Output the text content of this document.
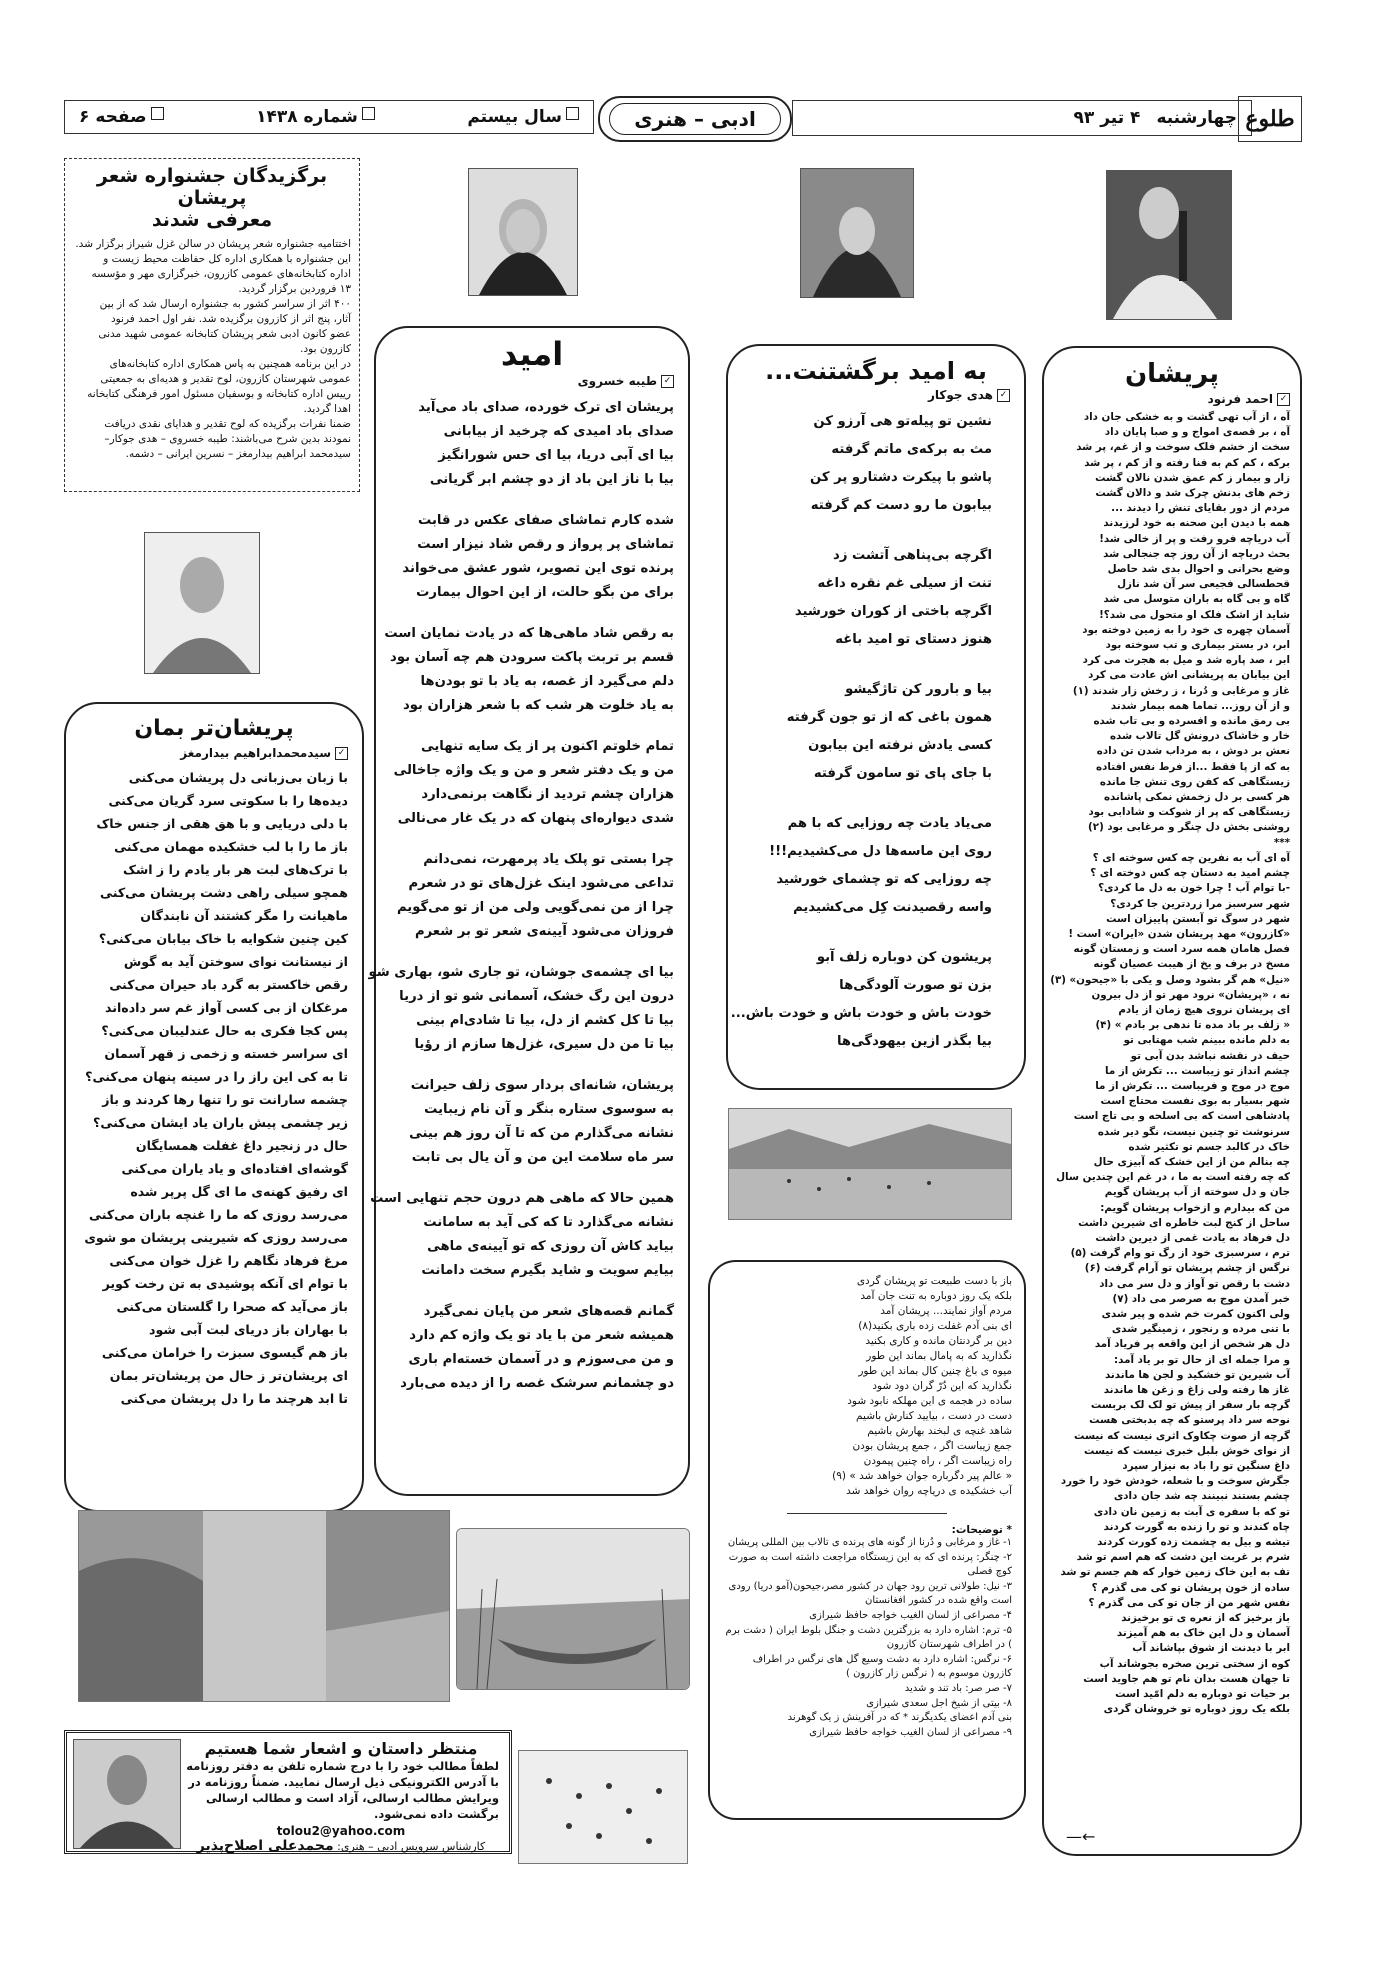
چهارشنبه
۴ تیر ۹۳	طلوع
ادبی – هنری
سال بیستم
شماره ۱۴۳۸
صفحه ۶
برگزیدگان جشنواره شعر پریشان
معرفی شدند
اختتامیه جشنواره شعر پریشان در سالن غزل شیراز برگزار شد.
این جشنواره با همکاری اداره کل حفاظت محیط زیست و
اداره کتابخانه‌های عمومی کازرون، خبرگزاری مهر و مؤسسه
۱۳ فروردین برگزار گردید.
۴۰۰ اثر از سراسر کشور به جشنواره ارسال شد که از بین
آثار، پنج اثر از کازرون برگزیده شد. نفر اول احمد فرنود
عضو کانون ادبی شعر پریشان کتابخانه عمومی شهید مدنی
کازرون بود.
در این برنامه همچنین به پاس همکاری اداره کتابخانه‌های
عمومی شهرستان کازرون، لوح تقدیر و هدیه‌ای به جمعیتی
رییس اداره کتابخانه و بوسفیان مسئول امور فرهنگی کتابخانه
اهدا گردید.
ضمنا نفرات برگزیده که لوح تقدیر و هدایای نقدی دریافت
نمودند بدین شرح می‌باشند: طیبه خسروی – هدی جوکار–
سیدمحمد ابراهیم بیدارمغز – نسرین ایرانی – دشمه.
امید
✓
طیبه خسروی
پریشان ای ترک خورده، صدای باد می‌آید
صدای باد امیدی که چرخید از بیابانی
بیا ای آبی دریا، بیا ای حس شورانگیز
بیا با ناز این باد از دو چشم ابر گریانی
شده کارم تماشای صفای عکس در قابت
تماشای پر پرواز و رقص شاد نیزار است
پرنده توی این تصویر، شور عشق می‌خواند
برای من بگو حالت، از این احوال بیمارت
به رقص شاد ماهی‌ها که در یادت نمایان است
قسم بر تربت پاکت سرودن هم چه آسان بود
دلم می‌گیرد از غصه، به یاد با تو بودن‌ها
به یاد خلوت هر شب که با شعر هزاران بود
تمام خلوتم اکنون پر از یک سایه تنهایی
من و یک دفتر شعر و من و یک واژه جاخالی
هزاران چشم تردید از نگاهت برنمی‌دارد
شدی دیواره‌ای پنهان که در یک غار می‌نالی
چرا بستی تو پلک یاد پرمهرت، نمی‌دانم
تداعی می‌شود اینک غزل‌های تو در شعرم
چرا از من نمی‌گویی ولی من از تو می‌گویم
فروزان می‌شود آیینه‌ی شعر تو بر شعرم
بیا ای چشمه‌ی جوشان، تو جاری شو، بهاری شو
درون این رگ خشک، آسمانی شو تو از دریا
بیا تا کل کشم از دل، بیا تا شادی‌ام بینی
بیا تا من دل سیری، غزل‌ها سازم از رؤیا
پریشان، شانه‌ای بردار سوی زلف حیرانت
به سوسوی ستاره بنگر و آن نام زیبایت
نشانه می‌گذارم من که تا آن روز هم بینی
سر ماه سلامت این من و آن یال بی تابت
همین حالا که ماهی هم درون حجم تنهایی است
نشانه می‌گذارد تا که کی آید به سامانت
بیاید کاش آن روزی که تو آیینه‌ی ماهی
بیایم سویت و شاید بگیرم سخت دامانت
گمانم قصه‌های شعر من پایان نمی‌گیرد
همیشه شعر من با یاد تو یک واژه کم دارد
و من می‌سوزم و در آسمان خسته‌ام باری
دو چشمانم سرشک غصه را از دیده می‌بارد
به امید برگشتنت...
✓
هدی جوکار
نشین تو پیله‌تو هی آرزو کن
مث به برکه‌ی ماتم گرفته
پاشو با پیکرت دشتارو پر کن
بیابون ما رو دست کم گرفته
اگرچه بی‌پناهی آتشت زد
تنت از سیلی غم نقره داغه
اگرچه باختی از کوران خورشید
هنوز دستای تو امید باغه
بیا و بارور کن تاژگیشو
همون باغی که از تو جون گرفته
کسی یادش نرفته این بیابون
با جای پای تو سامون گرفته
می‌یاد یادت چه روزایی که با هم
روی این ماسه‌ها دل می‌کشیدیم!!!
چه روزایی که تو چشمای خورشید
واسه رقصیدنت کِل می‌کشیدیم
پریشون کن دوباره زلف آبو
بزن تو صورت آلودگی‌ها
خودت باش و خودت باش و خودت باش...
بیا بگذر ازین بیهودگی‌ها
پریشان
✓
احمد فرنود
آه ، از آب تهی گشت و به خشکی جان داد
آه ، بر قصه‌ی امواج و و صبا پایان داد
سخت از خشم فلک سوخت و از غم، پر شد
برکه ، کم کم به فنا رفته و از کم ، پر شد
زار و بیمار ز کم عمق شدن نالان گشت
زخم های بدنش چرک شد و دالان گشت
مردم از دور بقایای تنش را دیدند ...
همه با دیدن این صحنه به خود لرزیدند
آب دریاچه فرو رفت و پر از خالی شد!
بحث دریاچه از آن روز چه جنجالی شد
وضع بحرانی و احوال بدی شد حاصل
قحطسالی فجیعی سر آن شد نازل
گاه و بی گاه به باران متوسل می شد
شاید از اشک فلک او متحول می شد؟!
آسمان چهره ی خود را به زمین دوخته بود
ابر، در بستر بیماری و تب سوخته بود
ابر ، صد پاره شد و میل به هجرت می کرد
این بیابان به پریشانی اش عادت می کرد
غاز و مرغابی و دُرنا ، ز رخش زار شدند (۱)
و از آن روز... تماما همه بیمار شدند
بی رمق مانده و افسرده و بی تاب شده
خار و خاشاک درونش گل تالاب شده
نعش بر دوش ، به مرداب شدن تن داده
به که از پا فقط ...از فرط نفس افتاده
زیستگاهی که کفن روی تنش جا مانده
هر کسی بر دل زخمش نمکی پاشانده
زیستگاهی که پر از شوکت و شادابی بود
روشنی بخش دل چنگر و مرغابی بود (۲)
***
آه ای آب به نفرین چه کس سوخته ای ؟
چشم امید به دستان چه کس دوخته ای ؟
-با توام آب ! چرا خون به دل ما کردی؟
شهر سرسبز مرا زردترین جا کردی؟
شهر در سوگ تو آبستن پاییزان است
«کازرون» مهد پریشان شدن «ایران» است !
فصل هامان همه سرد است و زمستان گونه
مسخ در برف و یخ از هیبت عصیان گونه
«نیل» هم گر بشود وصل و یکی با «جیحون» (۳)
نه ، «پریشان» نرود مهر تو از دل بیرون
ای پریشان نروی هیچ زمان از یادم
« زلف بر باد مده تا ندهی بر بادم » (۴)
به دلم مانده ببینم شب مهتابی تو
حیف در نقشه نباشد بدن آبی تو
چشم انداز تو زیباست ... تکرش از ما
موج در موج و فریباست ... تکرش از ما
شهر بسیار به بوی نفست محتاج است
پادشاهی است که بی اسلحه و بی تاج است
سرنوشت تو چنین نیست، نگو دیر شده
خاک در کالبد جسم تو تکثیر شده
چه بنالم من از این خشک که آبیزی حال
که چه رفته است به ما ، در غم این چندین سال
جان و دل سوخته از آب پریشان گویم
من که بیدارم و ازخواب پریشان گویم:
ساحل از کنج لبت خاطره ای شیرین داشت
دل فرهاد به یادت غمی از دیرین داشت
ترم ، سرسبزی خود از رگ تو وام گرفت (۵)
نرگس از چشم پریشان تو آرام گرفت (۶)
دشت با رقص تو آواز و دل سر می داد
خبر آمدن موج به صرصر می داد (۷)
ولی اکنون کمرت خم شده و پیر شدی
با تنی مرده و رنجور ، زمینگیر شدی
دل هر شخص از این واقعه پر فریاد آمد
و مرا جمله ای از حال تو بر یاد آمد:
آب شیرین تو خشکید و لجن ها ماندند
غاز ها رفته ولی زاغ و زغن ها ماندند
گرچه بار سفر از پیش تو لک لک بربست
نوحه سر داد پرستو که چه بدبختی هست
گرچه از صوت چکاوک اثری نیست که نیست
از نوای خوش بلبل خبری نیست که نیست
داغ سنگین تو را باد به نیزار سپرد
جگرش سوخت و با شعله، خودش خود را خورد
چشم بستند نبینند چه شد جان دادی
تو که با سفره ی آبت به زمین نان دادی
چاه کندند و تو را زنده به گورت کردند
تیشه و بیل به چشمت زده کورت کردند
شرم بر غربت این دشت که هم اسم تو شد
تف به این خاک زمین خوار که هم جسم تو شد
ساده از خون پریشان تو کی می گذرم ؟
نفس شهر من از جان تو کی می گذرم ؟
باز برخیز که از نعره ی تو برخیزند
آسمان و دل این خاک به هم آمیزند
ابر با دیدنت از شوق بپاشاند آب
کوه از سختی ترین صخره بجوشاند آب
تا جهان هست بدان نام تو هم جاوید است
بر حیات تو دوباره به دلم امّید است
بلکه یک روز دوباره تو خروشان گردی
←—
پریشان‌تر بمان
✓
سیدمحمدابراهیم بیدارمغز
با زبان بی‌زبانی دل پریشان می‌کنی
دیده‌ها را با سکوتی سرد گریان می‌کنی
با دلی دریایی و با هق هقی از جنس خاک
باز ما را با لب خشکیده مهمان می‌کنی
با ترک‌های لبت هر بار یادم را ز اشک
همچو سیلی راهی دشت پریشان می‌کنی
ماهیانت را مگر کشتند آن نابندگان
کین چنین شکوایه با خاک بیابان می‌کنی؟
از نیستانت نوای سوختن آید به گوش
رقص خاکستر به گرد باد حیران می‌کنی
مرغکان از بی کسی آواز غم سر داده‌اند
پس کجا فکری به حال عندلیبان می‌کنی؟
ای سراسر خسته و زخمی ز قهر آسمان
تا به کی این راز را در سینه پنهان می‌کنی؟
چشمه سارانت تو را تنها رها کردند و باز
زیر چشمی پیش باران یاد ایشان می‌کنی؟
حال در زنجیر داغ غفلت همسایگان
گوشه‌ای افتاده‌ای و یاد یاران می‌کنی
ای رفیق کهنه‌ی ما ای گل پرپر شده
می‌رسد روزی که ما را غنچه باران می‌کنی
می‌رسد روزی که شیرینی پریشان مو شوی
مرغ فرهاد نگاهم را غزل خوان می‌کنی
با توام ای آنکه پوشیدی به تن رخت کویر
باز می‌آید که صحرا را گلستان می‌کنی
با بهاران باز دریای لبت آبی شود
باز هم گیسوی سبزت را خرامان می‌کنی
ای پریشان‌تر ز حال من پریشان‌تر بمان
تا ابد هرچند ما را دل پریشان می‌کنی
باز با دست طبیعت تو پریشان گردی
بلکه یک روز دوباره به تنت جان آمد
مردم آواز نمایند... پریشان آمد
ای بنی آدم غفلت زده باری بکنید(۸)
دین بر گردنتان مانده و کاری بکنید
نگذارید که به پامال بماند این طور
میوه ی باغ چنین کال بماند این طور
نگذارید که این دُرّ گران دود شود
ساده در هجمه ی این مهلکه نابود شود
دست در دست ، بیایید کنارش باشیم
شاهد غنچه ی لبخند بهارش باشیم
جمع زیباست اگر ، جمع پریشان بودن
راه زیباست اگر ، راه چنین پیمودن
« عالم پیر دگرباره جوان خواهد شد » (۹)
آب خشکیده ی دریاچه روان خواهد شد
* توضیحات:
۱- غاز و مرغابی و دُرنا از گونه های پرنده ی تالاب بین المللی پریشان
۲- چنگر: پرنده ای که به این زیستگاه مراجعت داشته است به صورت کوچ فصلی
۳- نیل: طولانی ترین رود جهان در کشور مصر،جیحون(آمو دریا) رودی است واقع شده در کشور افغانستان
۴- مصراعی از لسان الغیب خواجه حافظ شیرازی
۵- ترم: اشاره دارد به بزرگترین دشت و جنگل بلوط ایران ( دشت برم ) در اطراف شهرستان کازرون
۶- نرگس: اشاره دارد به دشت وسیع گل های نرگس در اطراف کازرون موسوم به ( نرگس زار کازرون )
۷- صر صر: باد تند و شدید
۸- بیتی از شیخ اجل سعدی شیرازی
بنی آدم اعضای یکدیگرند * که در آفرینش ز یک گوهرند
۹- مصراعی از لسان الغیب خواجه حافظ شیرازی
منتظر داستان و اشعار شما هستیم
لطفاً مطالب خود را با درج شماره تلفن به دفتر روزنامه
با آدرس الکترونیکی ذیل ارسال نمایید. ضمناً روزنامه در
ویرایش مطالب ارسالی، آزاد است و مطالب ارسالی
برگشت داده نمی‌شود.
tolou2@yahoo.com
کارشناس سرویس ادبی – هنری: محمدعلی اصلاح‌پذیر
